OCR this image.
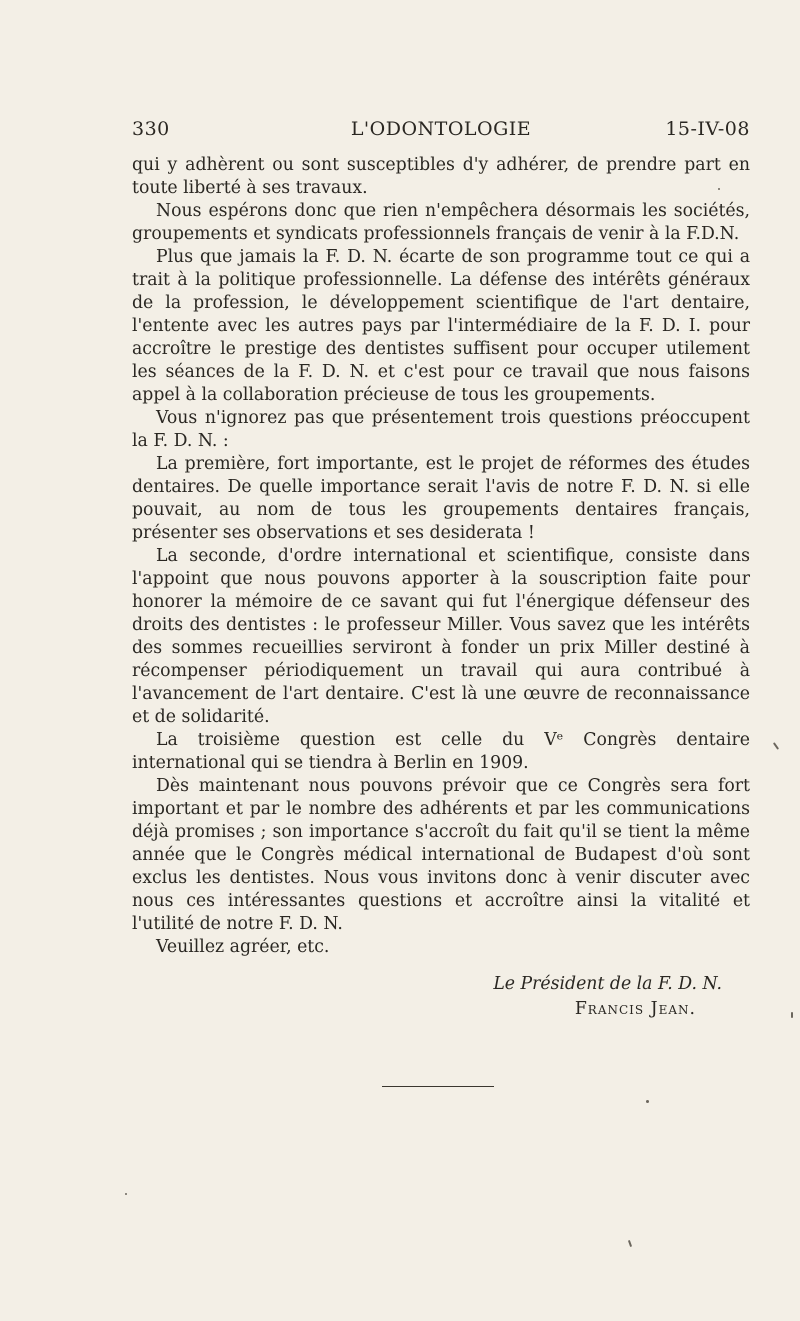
330	L'ODONTOLOGIE	15-IV-08

qui y adhèrent ou sont susceptibles d'y adhérer, de prendre part en toute liberté à ses travaux.

Nous espérons donc que rien n'empêchera désormais les sociétés, groupements et syndicats professionnels français de venir à la F.D.N.

Plus que jamais la F. D. N. écarte de son programme tout ce qui a trait à la politique professionnelle. La défense des intérêts généraux de la profession, le développement scientifique de l'art dentaire, l'entente avec les autres pays par l'intermédiaire de la F. D. I. pour accroître le prestige des dentistes suffisent pour occuper utilement les séances de la F. D. N. et c'est pour ce travail que nous faisons appel à la collaboration précieuse de tous les groupements.

Vous n'ignorez pas que présentement trois questions préoccupent la F. D. N. :

La première, fort importante, est le projet de réformes des études dentaires. De quelle importance serait l'avis de notre F. D. N. si elle pouvait, au nom de tous les groupements dentaires français, présenter ses observations et ses desiderata !

La seconde, d'ordre international et scientifique, consiste dans l'appoint que nous pouvons apporter à la souscription faite pour honorer la mémoire de ce savant qui fut l'énergique défenseur des droits des dentistes : le professeur Miller. Vous savez que les intérêts des sommes recueillies serviront à fonder un prix Miller destiné à récompenser périodiquement un travail qui aura contribué à l'avancement de l'art dentaire. C'est là une œuvre de reconnaissance et de solidarité.

La troisième question est celle du Vᵉ Congrès dentaire international qui se tiendra à Berlin en 1909.

Dès maintenant nous pouvons prévoir que ce Congrès sera fort important et par le nombre des adhérents et par les communications déjà promises ; son importance s'accroît du fait qu'il se tient la même année que le Congrès médical international de Budapest d'où sont exclus les dentistes. Nous vous invitons donc à venir discuter avec nous ces intéressantes questions et accroître ainsi la vitalité et l'utilité de notre F. D. N.

Veuillez agréer, etc.

Le Président de la F. D. N.
Francis Jean.
